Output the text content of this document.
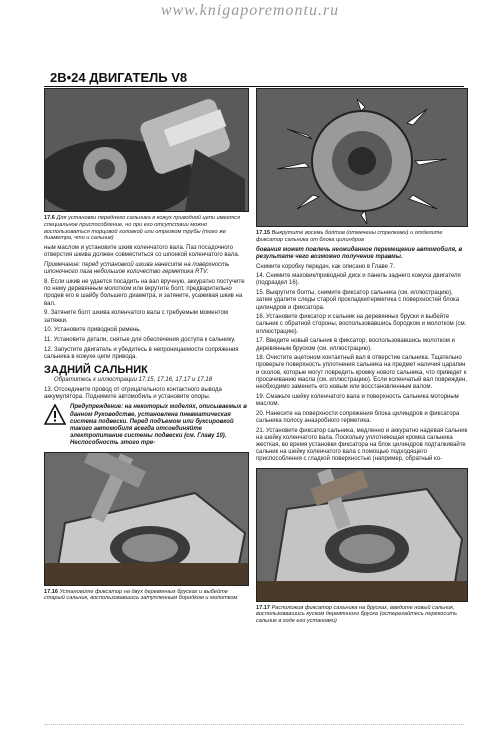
www.knigaporemontu.ru
2B•24 ДВИГАТЕЛЬ V8
17.6 Для установки переднего сальника в кожух приводной цепи имеется специальное приспособление, но при его отсутствии можно воспользоваться торцовой головкой или отрезком трубы (того же диаметра, что и сальник)

ным маслом и установите шкив коленчатого вала. Паз посадочного отверстия шкива должен совместиться со шпонкой коленчатого вала.

Примечание: перед установкой шкива нанесите на поверхность шпоночного паза небольшое количество герметика RTV.

8. Если шкив не удается посадить на вал вручную, аккуратно постучите по нему деревянным молотком или вкрутите болт, предварительно продев его в шайбу большего диаметра, и затяните, усаживая шкив на вал.

9. Затяните болт шкива коленчатого вала с требуемым моментом затяжки.

10. Установите приводной ремень.

11. Установите детали, снятые для обеспечения доступа к сальнику.

12. Запустите двигатель и убедитесь в непроницаемости сопряжения сальника в кожухе цепи привода.

ЗАДНИЙ САЛЬНИК

Обратитесь к иллюстрации 17.15, 17.16, 17.17 и 17.18

13. Отсоедините провод от отрицательного контактного вывода аккумулятора. Поднимите автомобиль и установите опоры.

Предупреждение: на некоторых моделях, описываемых в данном Руководстве, установлена пневматическая система подвески. Перед подъемом или буксировкой такого автомобиля всегда отсоединяйте электропитание системы подвески (см. Главу 10). Неспособность этого тре-
17.16 Установите фиксатор на двух деревянных брусках и выбейте старый сальник, воспользовавшись затупленным бородком и молотком
17.15 Выкрутите восемь болтов (отмечены стрелками) и отделите фиксатор сальника от блока цилиндров

бования может повлечь неожиданное перемещение автомобиля, в результате чего возможно получение травмы.

Снимите коробку передач, как описано в Главе 7.

14. Снимите маховик/приводной диск и панель заднего кожуха двигателя (подраздел 16).

15. Выкрутите болты, снимите фиксатор сальника (см. иллюстрацию), затем удалите следы старой прокладки/герметика с поверхностей блока цилиндров и фиксатора.

16. Установите фиксатор и сальник на деревянных бруски и выбейте сальник с обратной стороны, воспользовавшись бородком и молотком (см. иллюстрацию).

17. Введите новый сальник в фиксатор, воспользовавшись молотком и деревянным бруском (см. иллюстрацию).

18. Очистите ацетоном контактный вал в отверстие сальника. Тщательно проверьте поверхность уплотнения сальника на предмет наличия царапин и сколов, которые могут повредить кромку нового сальника, что приведет к просачиванию масла (см. иллюстрацию). Если коленчатый вал поврежден, необходимо заменить его новым или восстановленным валом.

19. Смажьте шейку коленчатого вала и поверхность сальника моторным маслом.

20. Нанесите на поверхности сопряжения блока цилиндров и фиксатора сальника полосу анаэробного герметика.

21. Установите фиксатор сальника, медленно и аккуратно надевая сальник на шейку коленчатого вала. Поскольку уплотняющая кромка сальника жесткая, во время установки фиксатора на блок цилиндров подталкивайте сальник на шейку коленчатого вала с помощью подходящего приспособления с гладкой поверхностью (например, обратный ко-

17.17 Расположив фиксатор сальника на брусках, введите новый сальник, воспользовавшись куском деревянного бруска (остерегайтесь перекосить сальник в ходе его установки)
